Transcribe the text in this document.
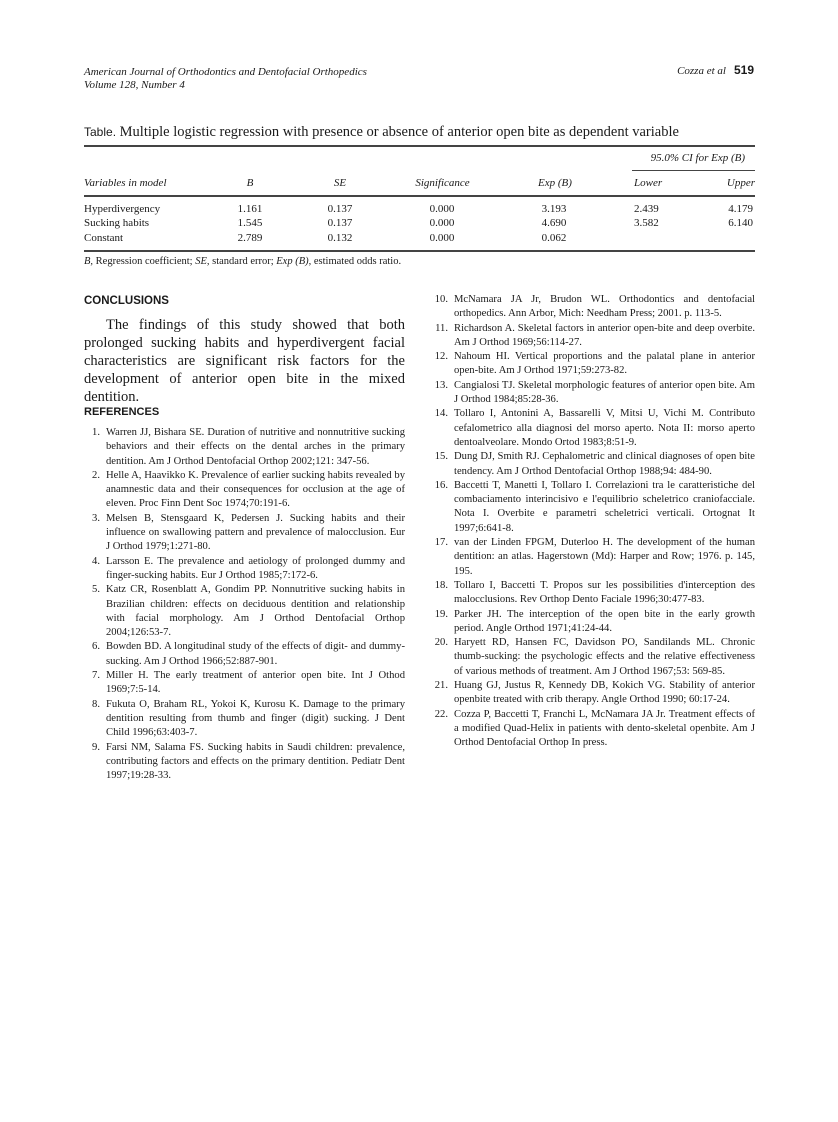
American Journal of Orthodontics and Dentofacial Orthopedics
Volume 128, Number 4
Cozza et al 519
Table. Multiple logistic regression with presence or absence of anterior open bite as dependent variable
95.0% CI for Exp (B)
Variables in model	B	SE	Significance	Exp (B)	Lower	Upper
Hyperdivergency	1.161	0.137	0.000	3.193	2.439	4.179
Sucking habits	1.545	0.137	0.000	4.690	3.582	6.140
Constant	2.789	0.132	0.000	0.062
B, Regression coefficient; SE, standard error; Exp (B), estimated odds ratio.
CONCLUSIONS
The findings of this study showed that both prolonged sucking habits and hyperdivergent facial characteristics are significant risk factors for the development of anterior open bite in the mixed dentition.
REFERENCES
1. Warren JJ, Bishara SE. Duration of nutritive and nonnutritive sucking behaviors and their effects on the dental arches in the primary dentition. Am J Orthod Dentofacial Orthop 2002;121: 347-56.
2. Helle A, Haavikko K. Prevalence of earlier sucking habits revealed by anamnestic data and their consequences for occlusion at the age of eleven. Proc Finn Dent Soc 1974;70:191-6.
3. Melsen B, Stensgaard K, Pedersen J. Sucking habits and their influence on swallowing pattern and prevalence of malocclusion. Eur J Orthod 1979;1:271-80.
4. Larsson E. The prevalence and aetiology of prolonged dummy and finger-sucking habits. Eur J Orthod 1985;7:172-6.
5. Katz CR, Rosenblatt A, Gondim PP. Nonnutritive sucking habits in Brazilian children: effects on deciduous dentition and relationship with facial morphology. Am J Orthod Dentofacial Orthop 2004;126:53-7.
6. Bowden BD. A longitudinal study of the effects of digit- and dummy-sucking. Am J Orthod 1966;52:887-901.
7. Miller H. The early treatment of anterior open bite. Int J Othod 1969;7:5-14.
8. Fukuta O, Braham RL, Yokoi K, Kurosu K. Damage to the primary dentition resulting from thumb and finger (digit) sucking. J Dent Child 1996;63:403-7.
9. Farsi NM, Salama FS. Sucking habits in Saudi children: prevalence, contributing factors and effects on the primary dentition. Pediatr Dent 1997;19:28-33.
10. McNamara JA Jr, Brudon WL. Orthodontics and dentofacial orthopedics. Ann Arbor, Mich: Needham Press; 2001. p. 113-5.
11. Richardson A. Skeletal factors in anterior open-bite and deep overbite. Am J Orthod 1969;56:114-27.
12. Nahoum HI. Vertical proportions and the palatal plane in anterior open-bite. Am J Orthod 1971;59:273-82.
13. Cangialosi TJ. Skeletal morphologic features of anterior open bite. Am J Orthod 1984;85:28-36.
14. Tollaro I, Antonini A, Bassarelli V, Mitsi U, Vichi M. Contributo cefalometrico alla diagnosi del morso aperto. Nota II: morso aperto dentoalveolare. Mondo Ortod 1983;8:51-9.
15. Dung DJ, Smith RJ. Cephalometric and clinical diagnoses of open bite tendency. Am J Orthod Dentofacial Orthop 1988;94: 484-90.
16. Baccetti T, Manetti I, Tollaro I. Correlazioni tra le caratteristiche del combaciamento interincisivo e l'equilibrio scheletrico craniofacciale. Nota I. Overbite e parametri scheletrici verticali. Ortognat It 1997;6:641-8.
17. van der Linden FPGM, Duterloo H. The development of the human dentition: an atlas. Hagerstown (Md): Harper and Row; 1976. p. 145, 195.
18. Tollaro I, Baccetti T. Propos sur les possibilities d'interception des malocclusions. Rev Orthop Dento Faciale 1996;30:477-83.
19. Parker JH. The interception of the open bite in the early growth period. Angle Orthod 1971;41:24-44.
20. Haryett RD, Hansen FC, Davidson PO, Sandilands ML. Chronic thumb-sucking: the psychologic effects and the relative effectiveness of various methods of treatment. Am J Orthod 1967;53: 569-85.
21. Huang GJ, Justus R, Kennedy DB, Kokich VG. Stability of anterior openbite treated with crib therapy. Angle Orthod 1990; 60:17-24.
22. Cozza P, Baccetti T, Franchi L, McNamara JA Jr. Treatment effects of a modified Quad-Helix in patients with dento-skeletal openbite. Am J Orthod Dentofacial Orthop In press.
